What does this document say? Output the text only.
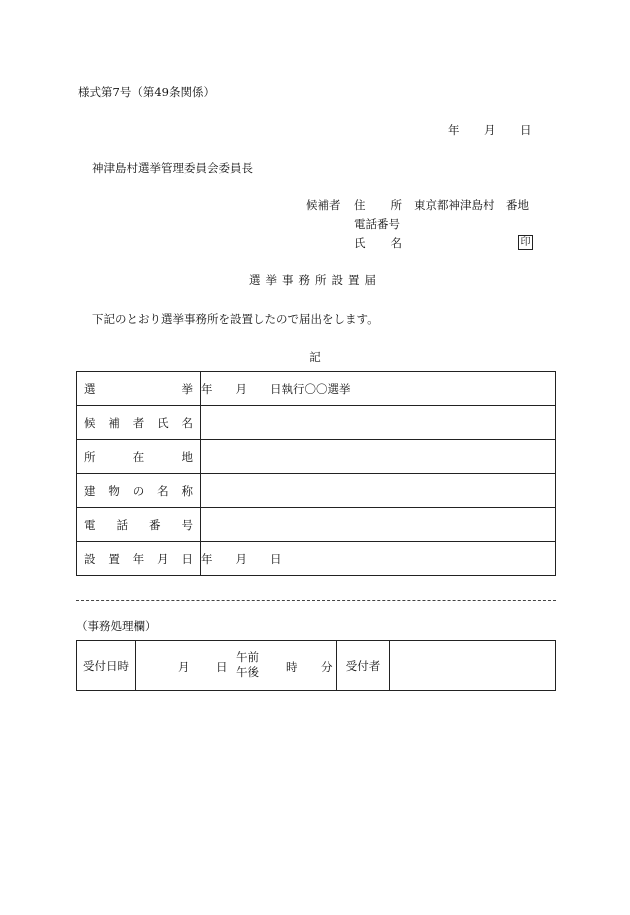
様式第7号（第49条関係）
年 月 日
神津島村選挙管理委員会委員長
候補者	住 所 東京都神津島村　番地
電話番号
氏 名	印
選挙事務所設置届
下記のとおり選挙事務所を設置したので届出をします。
記
選 挙	年　　月　　日執行〇〇選挙

候 補 者 氏 名	

所 在 地	

建 物 の 名 称	

電 話 番 号	

設 置 年 月 日	年　　月　　日
（事務処理欄）
受付日時	月 日
午前
午後 時 分	受付者	
